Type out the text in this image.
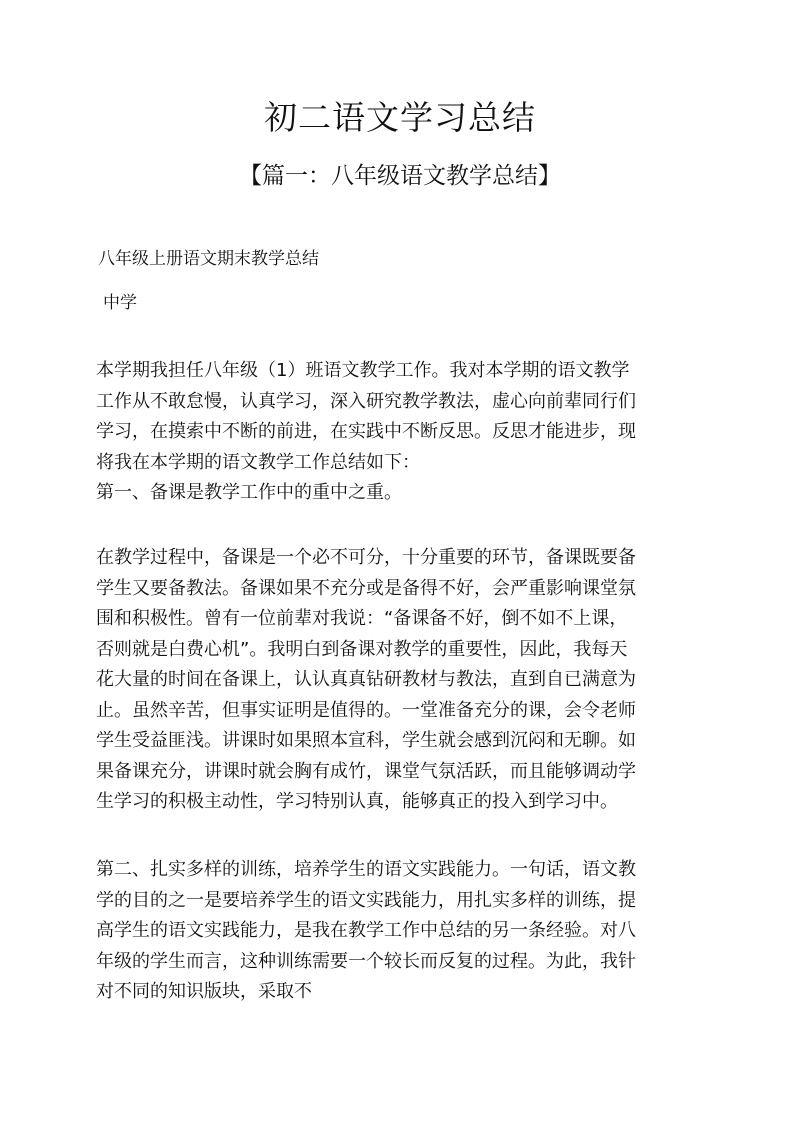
初二语文学习总结
【篇一：八年级语文教学总结】
八年级上册语文期末教学总结
中学

本学期我担任八年级（1）班语文教学工作。我对本学期的语文教学
工作从不敢怠慢，认真学习，深入研究教学教法，虚心向前辈同行们
学习，在摸索中不断的前进，在实践中不断反思。反思才能进步，现
将我在本学期的语文教学工作总结如下：
第一、备课是教学工作中的重中之重。

在教学过程中，备课是一个必不可分，十分重要的环节，备课既要备
学生又要备教法。备课如果不充分或是备得不好，会严重影响课堂氛
围和积极性。曾有一位前辈对我说：“备课备不好，倒不如不上课，
否则就是白费心机”。我明白到备课对教学的重要性，因此，我每天
花大量的时间在备课上，认认真真钻研教材与教法，直到自已满意为
止。虽然辛苦，但事实证明是值得的。一堂准备充分的课，会令老师
学生受益匪浅。讲课时如果照本宣科，学生就会感到沉闷和无聊。如
果备课充分，讲课时就会胸有成竹，课堂气氛活跃，而且能够调动学
生学习的积极主动性，学习特别认真，能够真正的投入到学习中。

第二、扎实多样的训练，培养学生的语文实践能力。一句话，语文教
学的目的之一是要培养学生的语文实践能力，用扎实多样的训练，提
高学生的语文实践能力，是我在教学工作中总结的另一条经验。对八
年级的学生而言，这种训练需要一个较长而反复的过程。为此，我针
对不同的知识版块，采取不
